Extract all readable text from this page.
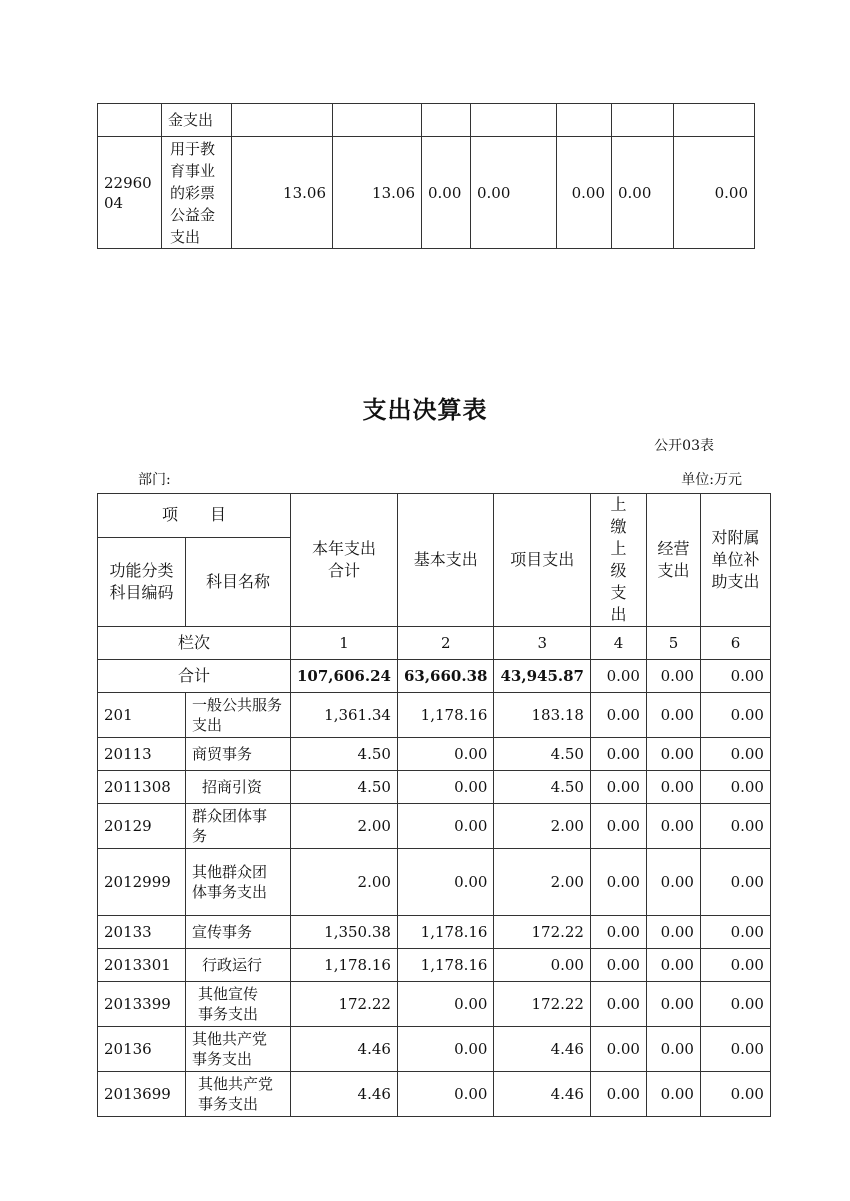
	金支出							
2296004	用于教育事业的彩票公益金支出	13.06	13.06	0.00	0.00	0.00	0.00	0.00
支出决算表
公开03表
部门:	单位:万元
项　　目		本年支出合计	基本支出	项目支出	上缴上级支出	经营支出	对附属单位补助支出
功能分类科目编码	科目名称						
栏次		1	2	3	4	5	6
合计		107,606.24	63,660.38	43,945.87	0.00	0.00	0.00
201	一般公共服务支出	1,361.34	1,178.16	183.18	0.00	0.00	0.00
20113	商贸事务	4.50	0.00	4.50	0.00	0.00	0.00
2011308	招商引资	4.50	0.00	4.50	0.00	0.00	0.00
20129	群众团体事务	2.00	0.00	2.00	0.00	0.00	0.00
2012999	其他群众团体事务支出	2.00	0.00	2.00	0.00	0.00	0.00
20133	宣传事务	1,350.38	1,178.16	172.22	0.00	0.00	0.00
2013301	行政运行	1,178.16	1,178.16	0.00	0.00	0.00	0.00
2013399	其他宣传事务支出	172.22	0.00	172.22	0.00	0.00	0.00
20136	其他共产党事务支出	4.46	0.00	4.46	0.00	0.00	0.00
2013699	其他共产党事务支出	4.46	0.00	4.46	0.00	0.00	0.00
